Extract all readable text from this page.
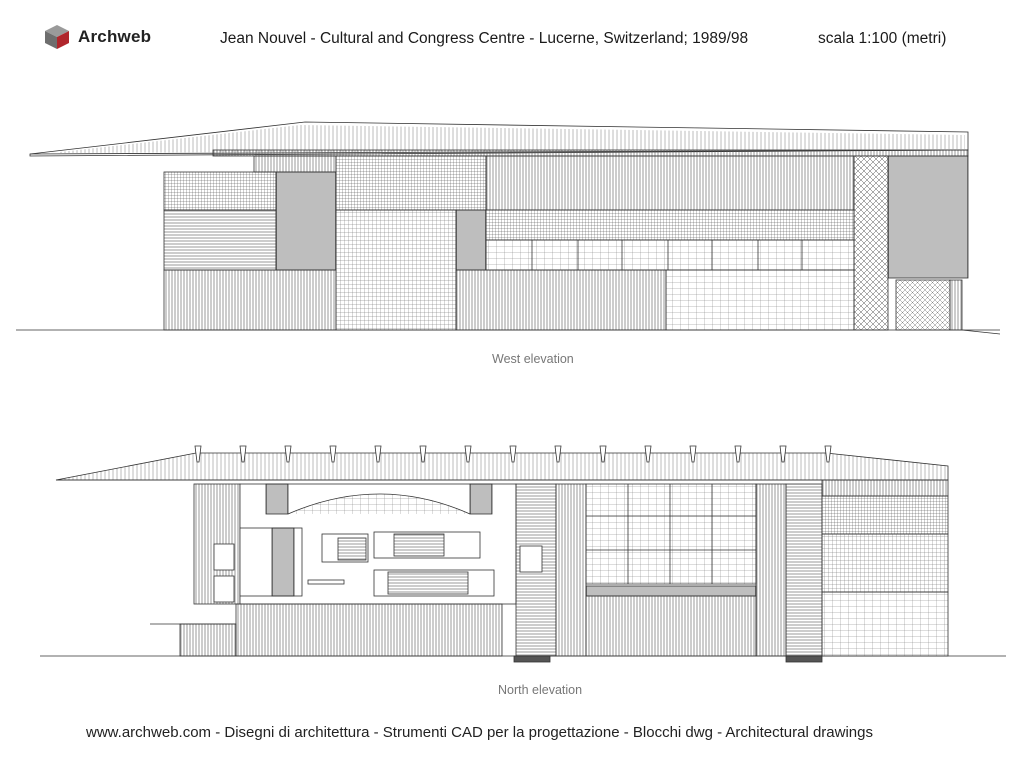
Archweb	Jean Nouvel - Cultural and Congress Centre - Lucerne, Switzerland; 1989/98	scala 1:100 (metri)
West elevation
North elevation
www.archweb.com - Disegni di architettura - Strumenti CAD per la progettazione - Blocchi dwg - Architectural drawings
